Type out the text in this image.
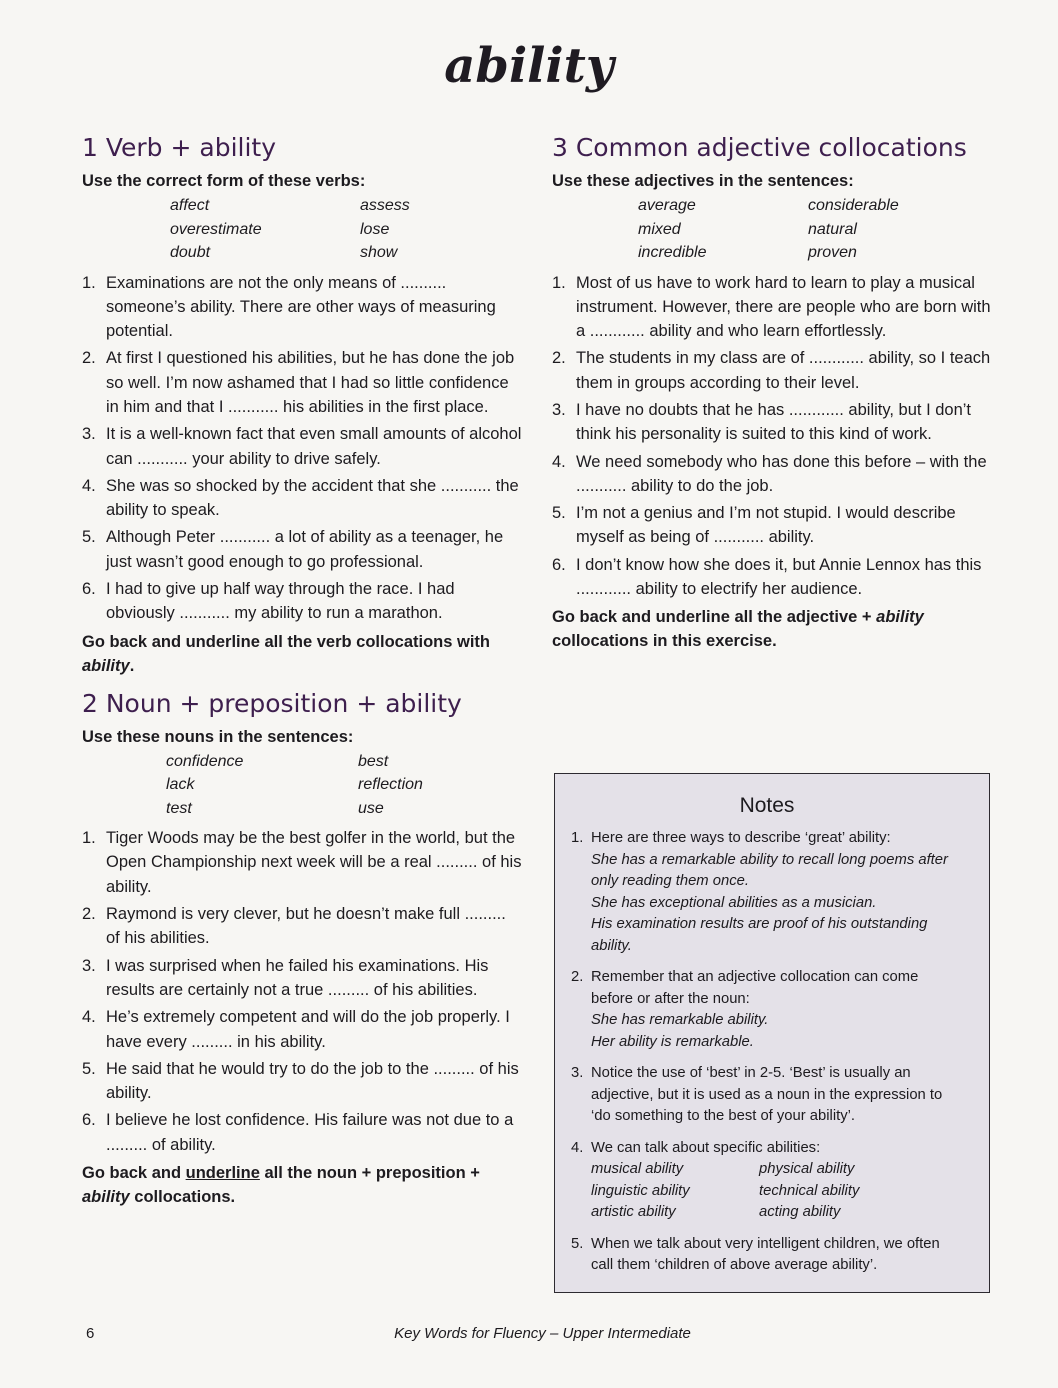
ability
1 Verb + ability

Use the correct form of these verbs:

affect	assess
overestimate	lose
doubt	show
1. Examinations are not the only means of .......... someone’s ability. There are other ways of measuring potential.
2. At first I questioned his abilities, but he has done the job so well. I’m now ashamed that I had so little confidence in him and that I ........... his abilities in the first place.
3. It is a well-known fact that even small amounts of alcohol can ........... your ability to drive safely.
4. She was so shocked by the accident that she ........... the ability to speak.
5. Although Peter ........... a lot of ability as a teenager, he just wasn’t good enough to go professional.
6. I had to give up half way through the race. I had obviously ........... my ability to run a marathon.

Go back and underline all the verb collocations with ability.

2 Noun + preposition + ability

Use these nouns in the sentences:

confidence	best
lack	reflection
test	use
1. Tiger Woods may be the best golfer in the world, but the Open Championship next week will be a real ......... of his ability.
2. Raymond is very clever, but he doesn’t make full ......... of his abilities.
3. I was surprised when he failed his examinations. His results are certainly not a true ......... of his abilities.
4. He’s extremely competent and will do the job properly. I have every ......... in his ability.
5. He said that he would try to do the job to the ......... of his ability.
6. I believe he lost confidence. His failure was not due to a ......... of ability.

Go back and underline all the noun + preposition + ability collocations.

3 Common adjective collocations

Use these adjectives in the sentences:

average	considerable
mixed	natural
incredible	proven
1. Most of us have to work hard to learn to play a musical instrument. However, there are people who are born with a ............ ability and who learn effortlessly.
2. The students in my class are of ............ ability, so I teach them in groups according to their level.
3. I have no doubts that he has ............ ability, but I don’t think his personality is suited to this kind of work.
4. We need somebody who has done this before – with the ........... ability to do the job.
5. I’m not a genius and I’m not stupid. I would describe myself as being of ........... ability.
6. I don’t know how she does it, but Annie Lennox has this ............ ability to electrify her audience.

Go back and underline all the adjective + ability collocations in this exercise.

Notes
1. Here are three ways to describe ‘great’ ability:
She has a remarkable ability to recall long poems after only reading them once.
She has exceptional abilities as a musician.
His examination results are proof of his outstanding ability.
2. Remember that an adjective collocation can come before or after the noun:
She has remarkable ability.
Her ability is remarkable.
3. Notice the use of ‘best’ in 2-5. ‘Best’ is usually an adjective, but it is used as a noun in the expression to ‘do something to the best of your ability’.
4. We can talk about specific abilities:
musical ability	physical ability
linguistic ability	technical ability
artistic ability	acting ability
5. When we talk about very intelligent children, we often call them ‘children of above average ability’.
6	Key Words for Fluency – Upper Intermediate
